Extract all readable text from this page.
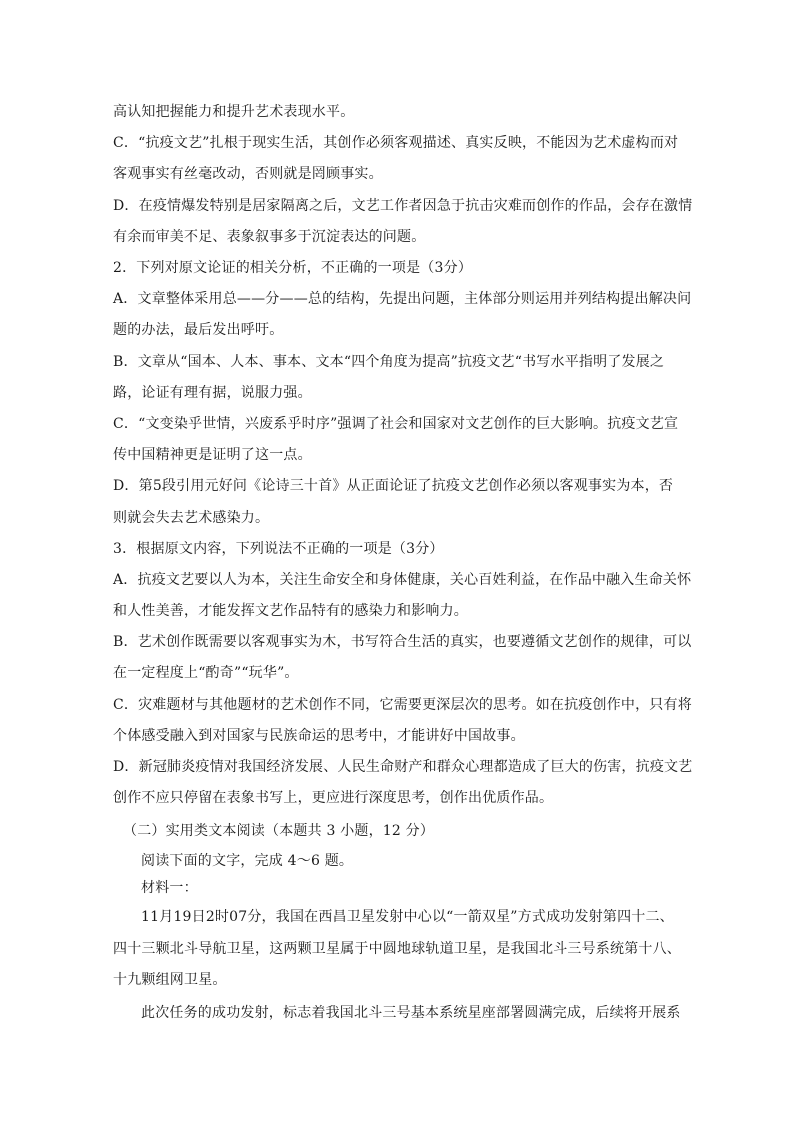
高认知把握能力和提升艺术表现水平。
C．“抗疫文艺”扎根于现实生活，其创作必须客观描述、真实反映，不能因为艺术虚构而对
客观事实有丝毫改动，否则就是罔顾事实。
D．在疫情爆发特别是居家隔离之后，文艺工作者因急于抗击灾难而创作的作品，会存在激情
有余而审美不足、表象叙事多于沉淀表达的问题。
2．下列对原文论证的相关分析，不正确的一项是（3分）
A．文章整体采用总——分——总的结构，先提出问题，主体部分则运用并列结构提出解决问
题的办法，最后发出呼吁。
B．文章从“国本、人本、事本、文本“四个角度为提高”抗疫文艺“书写水平指明了发展之
路，论证有理有据，说服力强。
C．“文变染乎世情，兴废系乎时序”强调了社会和国家对文艺创作的巨大影响。抗疫文艺宣
传中国精神更是证明了这一点。
D．第5段引用元好问《论诗三十首》从正面论证了抗疫文艺创作必须以客观事实为本，否
则就会失去艺术感染力。
3．根据原文内容，下列说法不正确的一项是（3分）
A．抗疫文艺要以人为本，关注生命安全和身体健康，关心百姓利益，在作品中融入生命关怀
和人性美善，才能发挥文艺作品特有的感染力和影响力。
B．艺术创作既需要以客观事实为木，书写符合生活的真实，也要遵循文艺创作的规律，可以
在一定程度上“酌奇”“玩华”。
C．灾难题材与其他题材的艺术创作不同，它需要更深层次的思考。如在抗疫创作中，只有将
个体感受融入到对国家与民族命运的思考中，才能讲好中国故事。
D．新冠肺炎疫情对我国经济发展、人民生命财产和群众心理都造成了巨大的伤害，抗疫文艺
创作不应只停留在表象书写上，更应进行深度思考，创作出优质作品。
（二）实用类文本阅读（本题共 3 小题，12 分）
阅读下面的文字，完成 4～6 题。
材料一：
11月19日2时07分，我国在西昌卫星发射中心以“一箭双星”方式成功发射第四十二、
四十三颗北斗导航卫星，这两颗卫星属于中圆地球轨道卫星，是我国北斗三号系统第十八、
十九颗组网卫星。
此次任务的成功发射，标志着我国北斗三号基本系统星座部署圆满完成，后续将开展系
